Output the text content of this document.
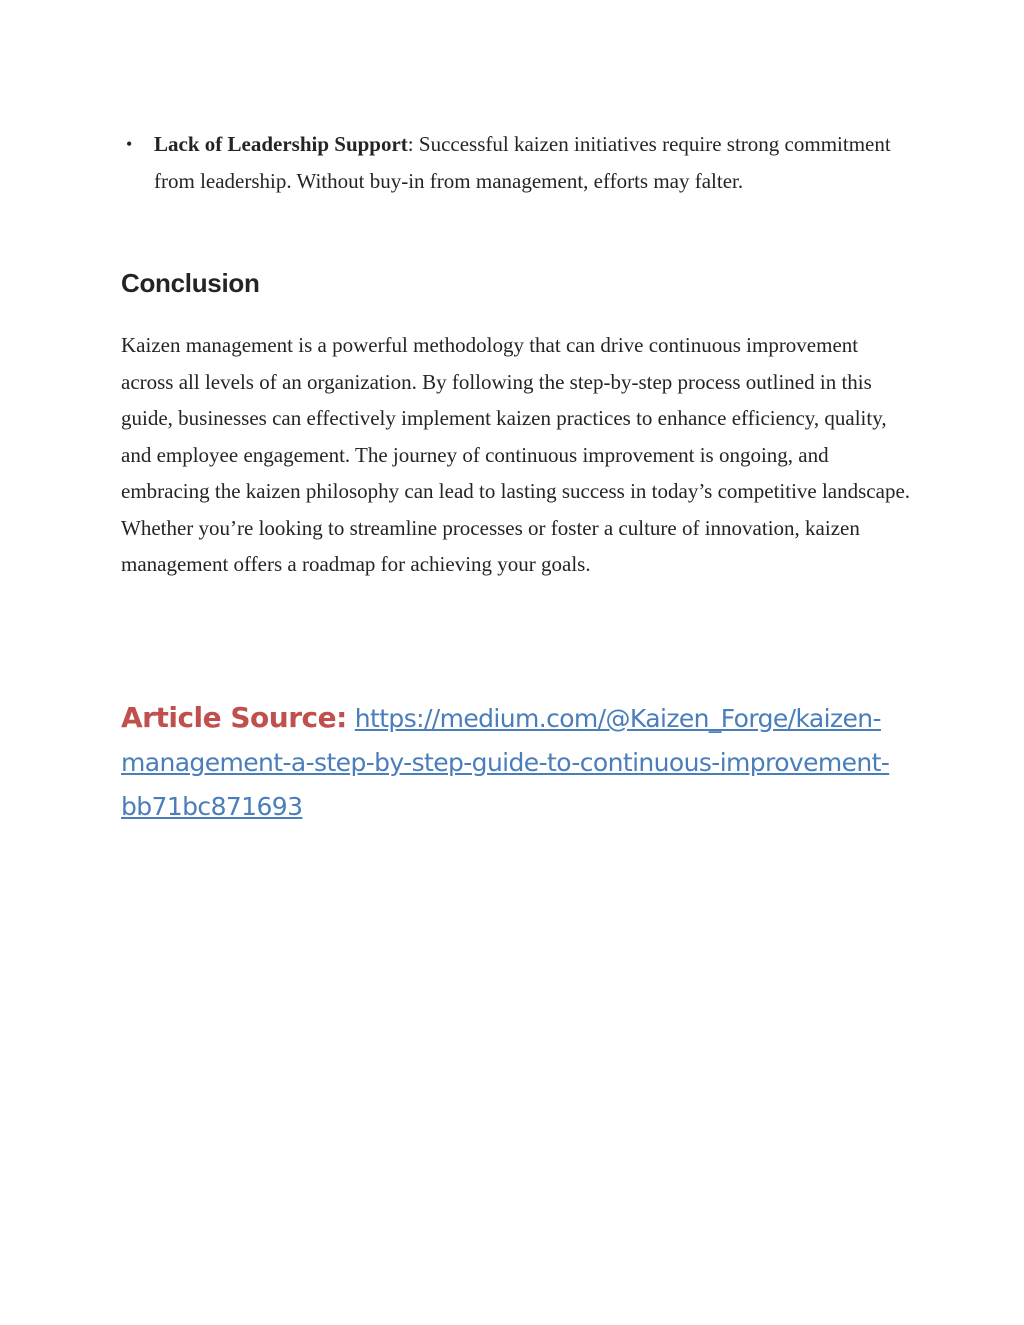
• Lack of Leadership Support: Successful kaizen initiatives require strong commitment from leadership. Without buy-in from management, efforts may falter.
Conclusion

Kaizen management is a powerful methodology that can drive continuous improvement across all levels of an organization. By following the step-by-step process outlined in this guide, businesses can effectively implement kaizen practices to enhance efficiency, quality, and employee engagement. The journey of continuous improvement is ongoing, and embracing the kaizen philosophy can lead to lasting success in today’s competitive landscape. Whether you’re looking to streamline processes or foster a culture of innovation, kaizen management offers a roadmap for achieving your goals.

Article Source: https://medium.com/@Kaizen_Forge/kaizen-management-a-step-by-step-guide-to-continuous-improvement-bb71bc871693
